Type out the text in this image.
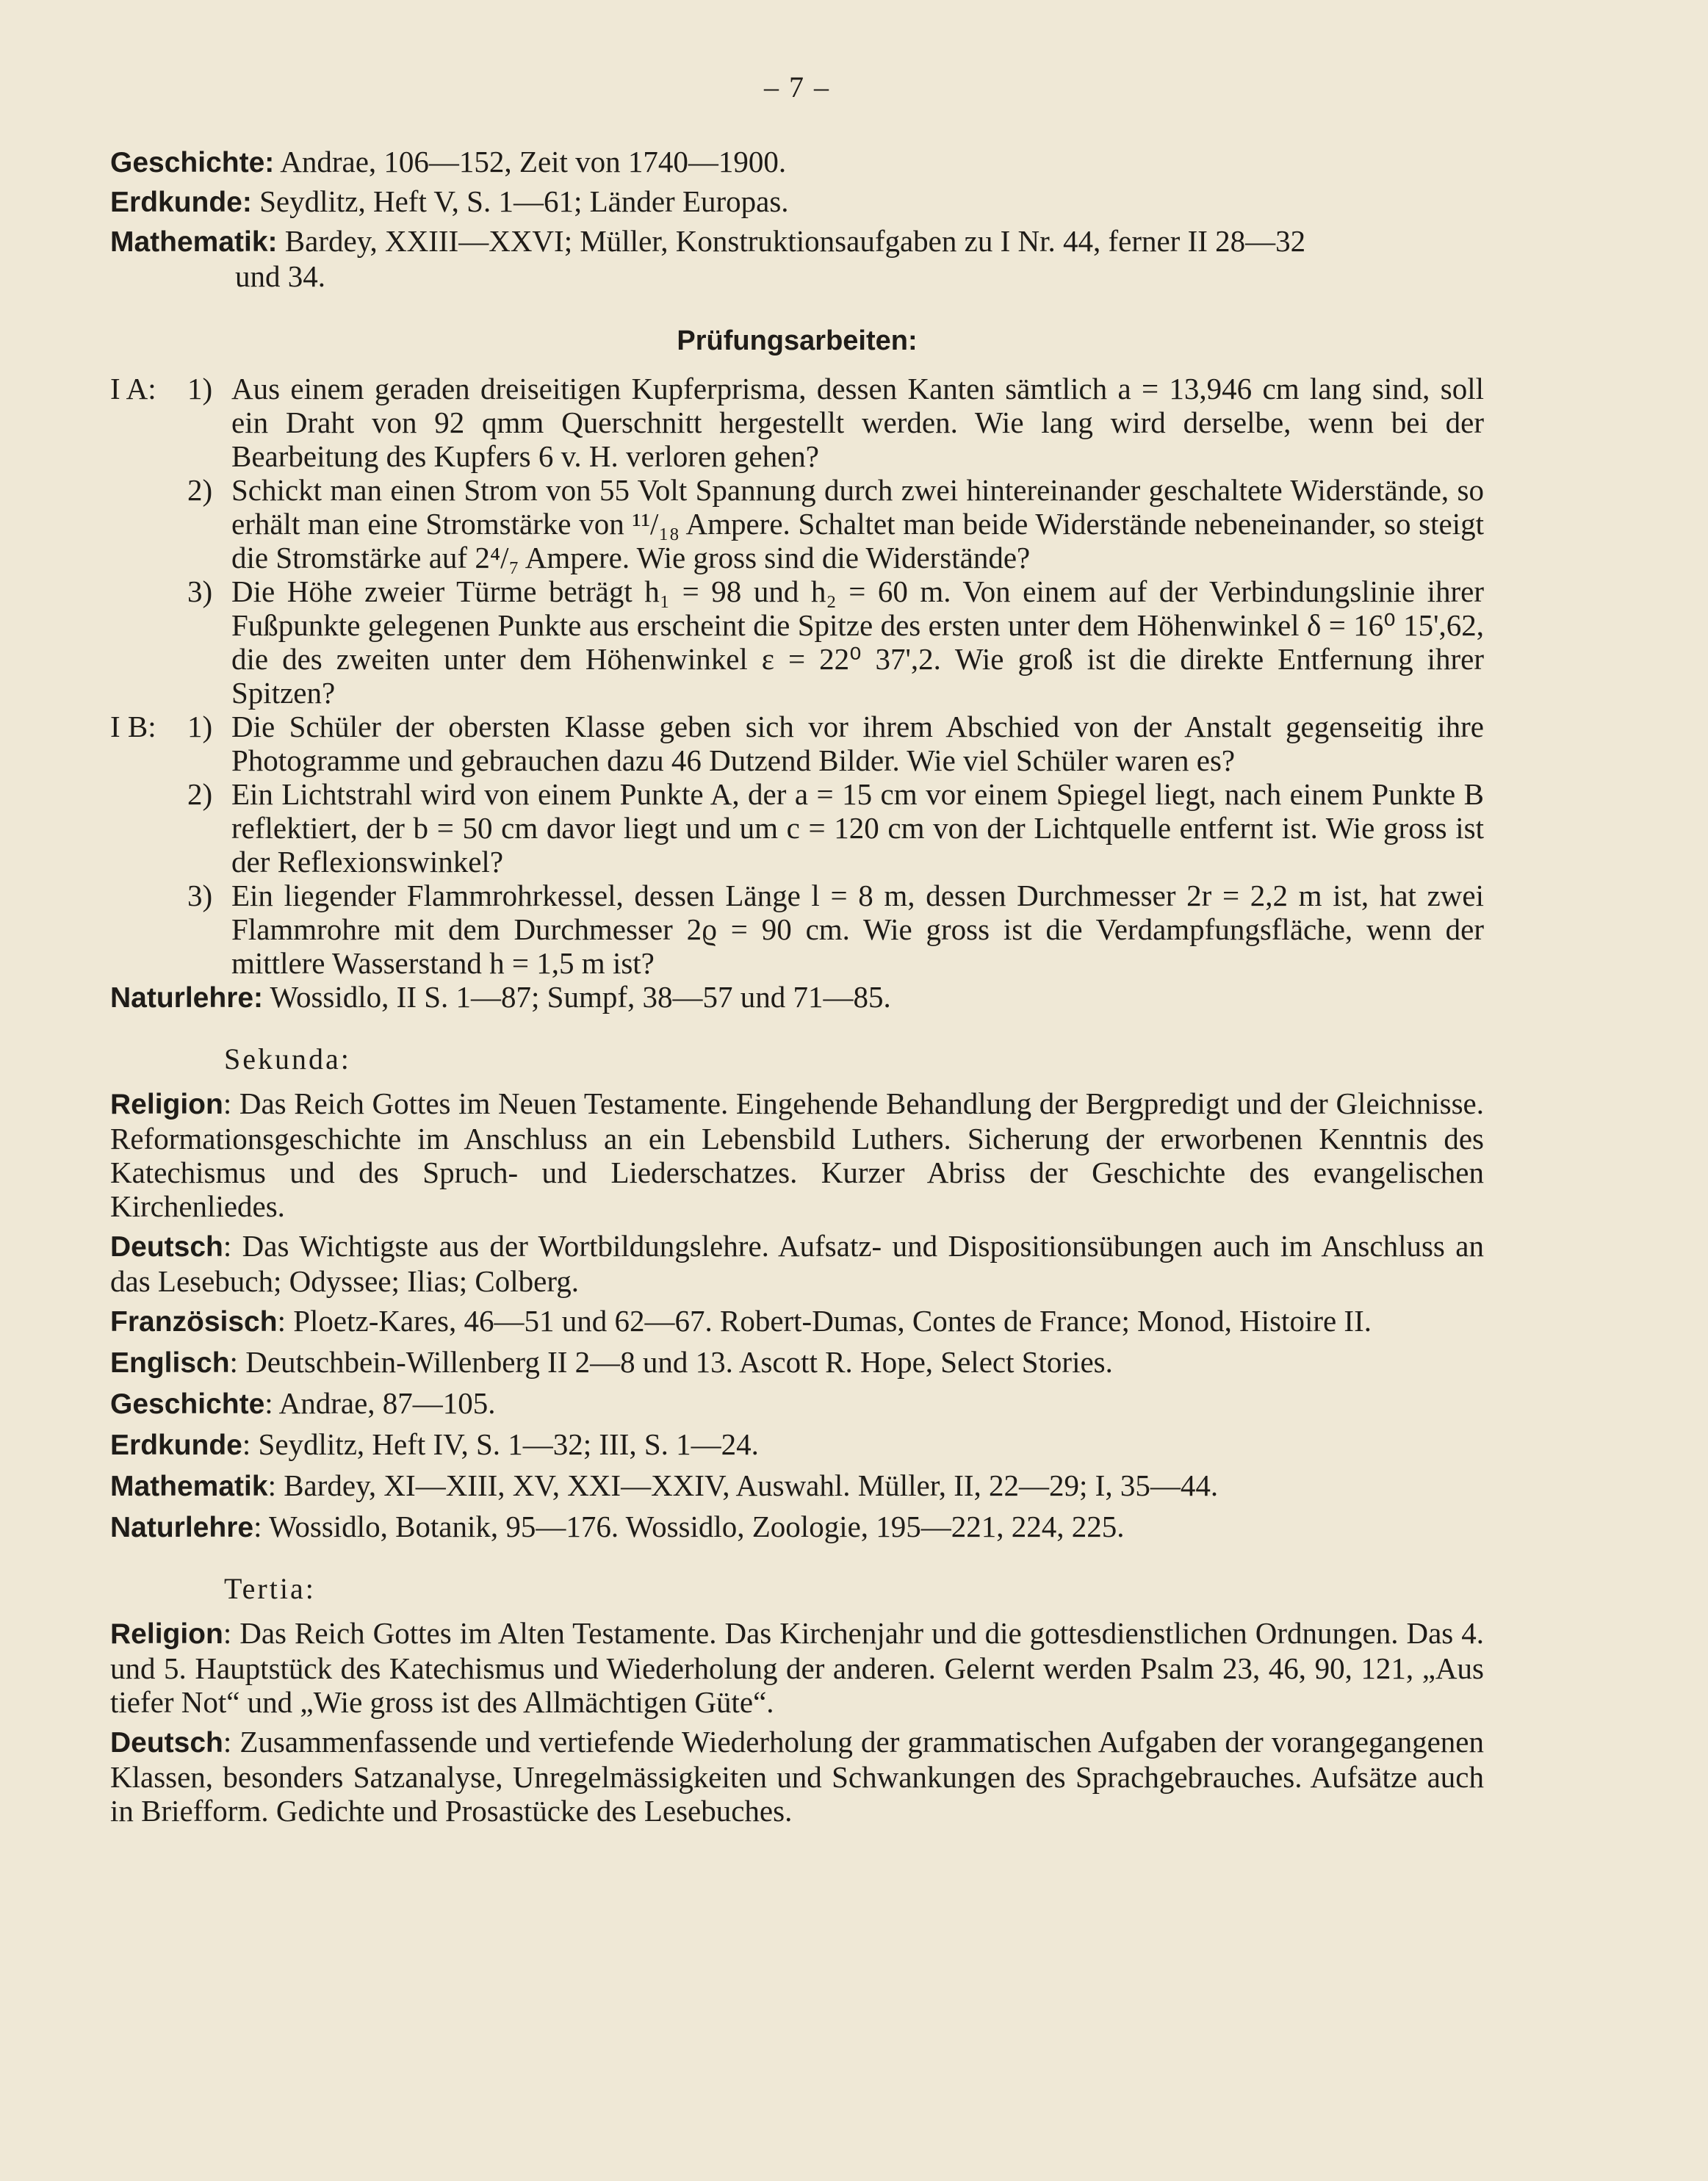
– 7 –
Geschichte: Andrae, 106—152, Zeit von 1740—1900.
Erdkunde: Seydlitz, Heft V, S. 1—61; Länder Europas.
Mathematik: Bardey, XXIII—XXVI; Müller, Konstruktionsaufgaben zu I Nr. 44, ferner II 28—32
und 34.
Prüfungsarbeiten:
I A:	1) Aus einem geraden dreiseitigen Kupferprisma, dessen Kanten sämtlich a = 13,946 cm lang sind, soll ein Draht von 92 qmm Querschnitt hergestellt werden. Wie lang wird derselbe, wenn bei der Bearbeitung des Kupfers 6 v. H. verloren gehen?
2) Schickt man einen Strom von 55 Volt Spannung durch zwei hintereinander geschaltete Widerstände, so erhält man eine Stromstärke von ¹¹/₁₈ Ampere. Schaltet man beide Widerstände nebeneinander, so steigt die Stromstärke auf 2⁴/₇ Ampere. Wie gross sind die Widerstände?
3) Die Höhe zweier Türme beträgt h₁ = 98 und h₂ = 60 m. Von einem auf der Verbindungslinie ihrer Fußpunkte gelegenen Punkte aus erscheint die Spitze des ersten unter dem Höhenwinkel δ = 16⁰ 15',62, die des zweiten unter dem Höhenwinkel ε = 22⁰ 37',2. Wie groß ist die direkte Entfernung ihrer Spitzen?
I B:	1) Die Schüler der obersten Klasse geben sich vor ihrem Abschied von der Anstalt gegenseitig ihre Photogramme und gebrauchen dazu 46 Dutzend Bilder. Wie viel Schüler waren es?
2) Ein Lichtstrahl wird von einem Punkte A, der a = 15 cm vor einem Spiegel liegt, nach einem Punkte B reflektiert, der b = 50 cm davor liegt und um c = 120 cm von der Lichtquelle entfernt ist. Wie gross ist der Reflexionswinkel?
3) Ein liegender Flammrohrkessel, dessen Länge l = 8 m, dessen Durchmesser 2r = 2,2 m ist, hat zwei Flammrohre mit dem Durchmesser 2ϱ = 90 cm. Wie gross ist die Verdampfungsfläche, wenn der mittlere Wasserstand h = 1,5 m ist?
Naturlehre: Wossidlo, II S. 1—87; Sumpf, 38—57 und 71—85.
Sekunda:
Religion: Das Reich Gottes im Neuen Testamente. Eingehende Behandlung der Bergpredigt und der Gleichnisse. Reformationsgeschichte im Anschluss an ein Lebensbild Luthers. Sicherung der erworbenen Kenntnis des Katechismus und des Spruch- und Liederschatzes. Kurzer Abriss der Geschichte des evangelischen Kirchenliedes.
Deutsch: Das Wichtigste aus der Wortbildungslehre. Aufsatz- und Dispositionsübungen auch im Anschluss an das Lesebuch; Odyssee; Ilias; Colberg.
Französisch: Ploetz-Kares, 46—51 und 62—67. Robert-Dumas, Contes de France; Monod, Histoire II.
Englisch: Deutschbein-Willenberg II 2—8 und 13. Ascott R. Hope, Select Stories.
Geschichte: Andrae, 87—105.
Erdkunde: Seydlitz, Heft IV, S. 1—32; III, S. 1—24.
Mathematik: Bardey, XI—XIII, XV, XXI—XXIV, Auswahl. Müller, II, 22—29; I, 35—44.
Naturlehre: Wossidlo, Botanik, 95—176. Wossidlo, Zoologie, 195—221, 224, 225.
Tertia:
Religion: Das Reich Gottes im Alten Testamente. Das Kirchenjahr und die gottesdienstlichen Ordnungen. Das 4. und 5. Hauptstück des Katechismus und Wiederholung der anderen. Gelernt werden Psalm 23, 46, 90, 121, „Aus tiefer Not“ und „Wie gross ist des Allmächtigen Güte“.
Deutsch: Zusammenfassende und vertiefende Wiederholung der grammatischen Aufgaben der vorangegangenen Klassen, besonders Satzanalyse, Unregelmässigkeiten und Schwankungen des Sprachgebrauches. Aufsätze auch in Briefform. Gedichte und Prosastücke des Lesebuches.
